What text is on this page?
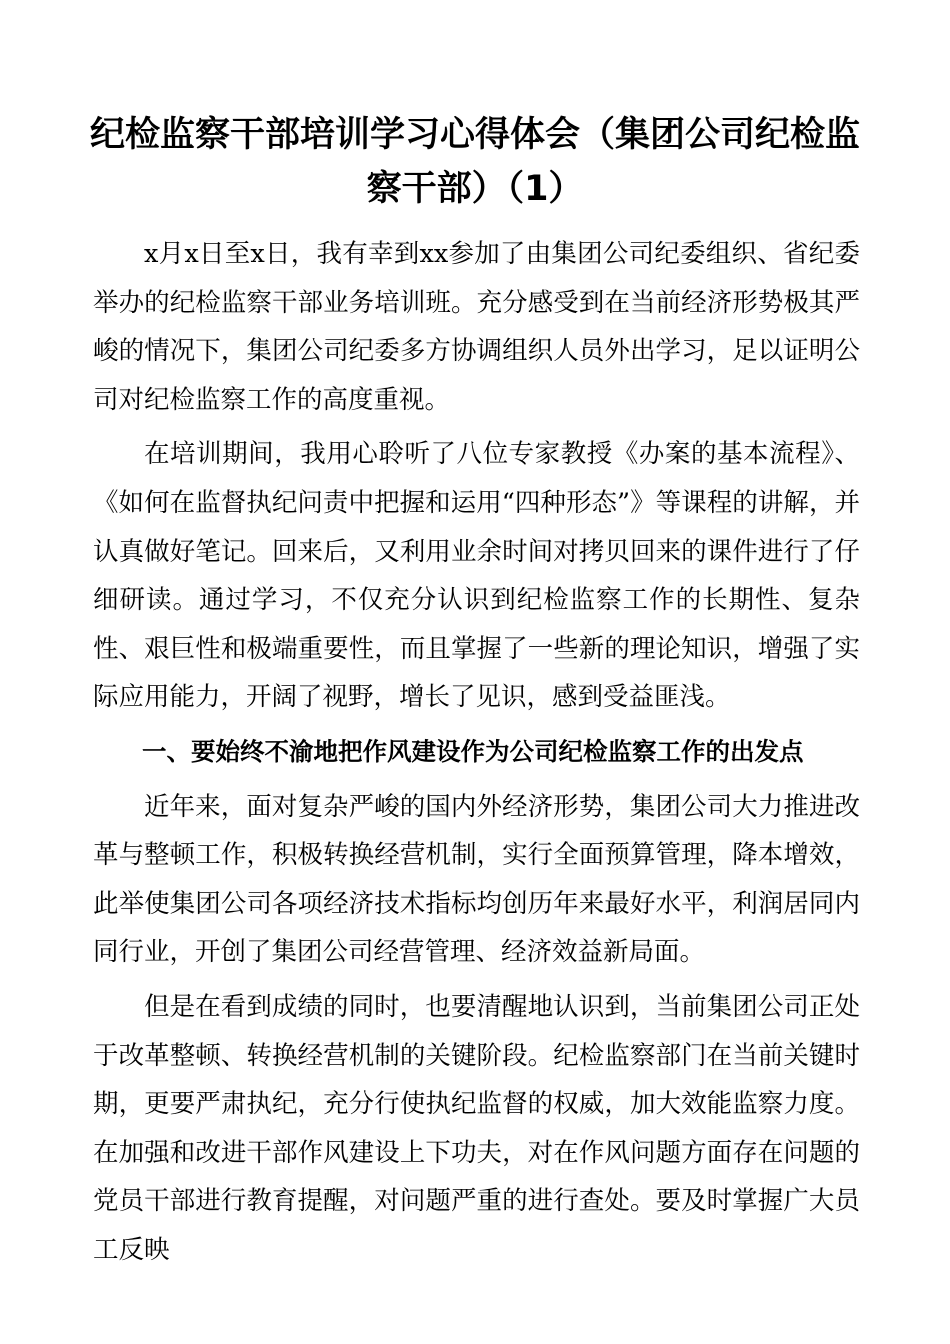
纪检监察干部培训学习心得体会（集团公司纪检监察干部）（1）

x月x日至x日，我有幸到xx参加了由集团公司纪委组织、省纪委举办的纪检监察干部业务培训班。充分感受到在当前经济形势极其严峻的情况下，集团公司纪委多方协调组织人员外出学习，足以证明公司对纪检监察工作的高度重视。

在培训期间，我用心聆听了八位专家教授《办案的基本流程》、《如何在监督执纪问责中把握和运用“四种形态”》等课程的讲解，并认真做好笔记。回来后，又利用业余时间对拷贝回来的课件进行了仔细研读。通过学习，不仅充分认识到纪检监察工作的长期性、复杂性、艰巨性和极端重要性，而且掌握了一些新的理论知识，增强了实际应用能力，开阔了视野，增长了见识，感到受益匪浅。

一、要始终不渝地把作风建设作为公司纪检监察工作的出发点

近年来，面对复杂严峻的国内外经济形势，集团公司大力推进改革与整顿工作，积极转换经营机制，实行全面预算管理，降本增效，此举使集团公司各项经济技术指标均创历年来最好水平，利润居同内同行业，开创了集团公司经营管理、经济效益新局面。

但是在看到成绩的同时，也要清醒地认识到，当前集团公司正处于改革整顿、转换经营机制的关键阶段。纪检监察部门在当前关键时期，更要严肃执纪，充分行使执纪监督的权威，加大效能监察力度。在加强和改进干部作风建设上下功夫，对在作风问题方面存在问题的党员干部进行教育提醒，对问题严重的进行查处。要及时掌握广大员工反映
